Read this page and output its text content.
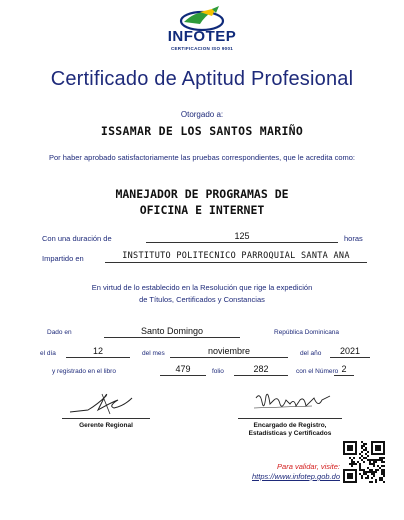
INFOTEP
CERTIFICACION ISO 9001
Certificado de Aptitud Profesional
Otorgado a:
ISSAMAR DE LOS SANTOS MARIÑO
Por haber aprobado satisfactoriamente las pruebas correspondientes, que le acredita como:
MANEJADOR DE PROGRAMAS DE
OFICINA E INTERNET
Con una duración de	125	horas
Impartido en	INSTITUTO POLITECNICO PARROQUIAL SANTA ANA
En virtud de lo establecido en la Resolución que rige la expedición
de Títulos, Certificados y Constancias
Dado en	Santo Domingo	República Dominicana
el día	12	del mes	noviembre	del año	2021
y registrado en el libro	479	folio	282	con el Número 2
Gerente Regional	Encargado de Registro,
Estadísticas y Certificados
Para validar, visite:
https://www.infotep.gob.do
